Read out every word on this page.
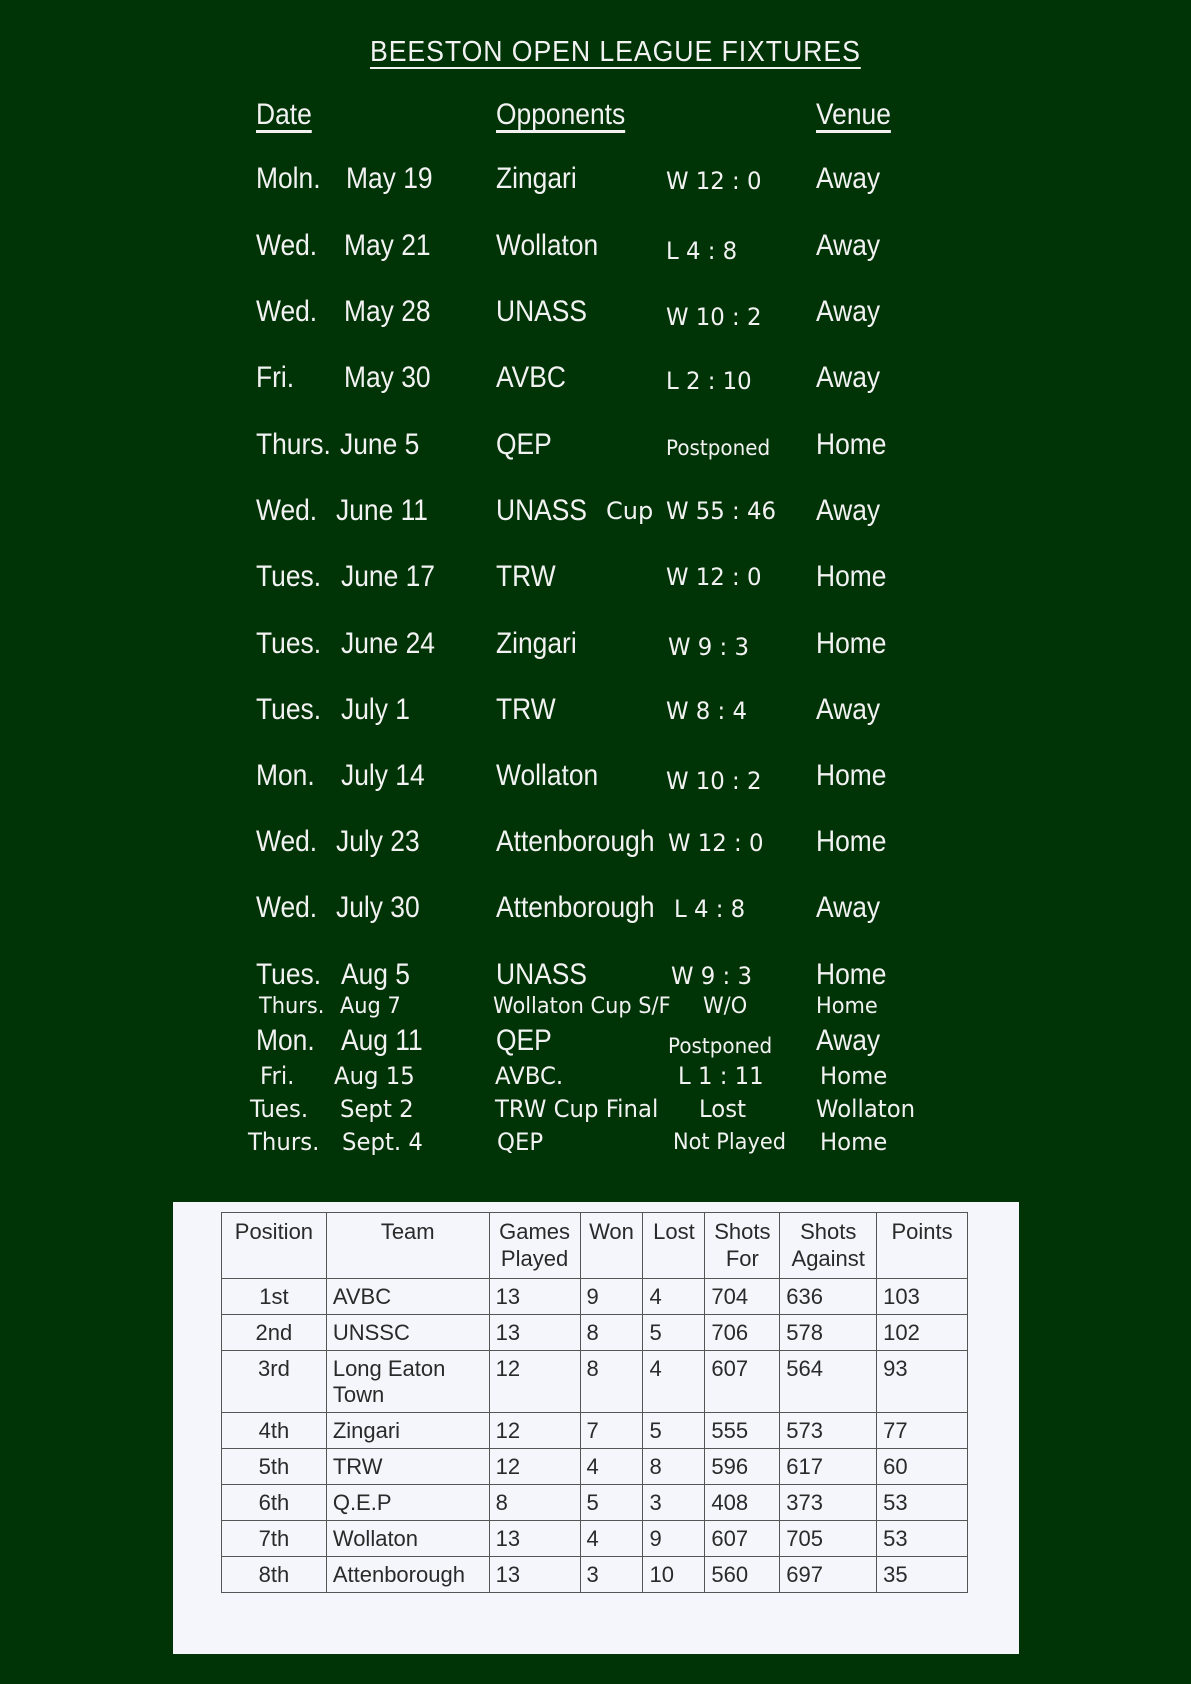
BEESTON OPEN LEAGUE FIXTURES
Date	Opponents	Venue
Moln. May 19 Zingari	W 12 : 0 Away
Wed. May 21 Wollaton	L 4 : 8	Away
Wed. May 28 UNASS	W 10 : 2 Away
Fri. May 30 AVBC	L 2 : 10 Away
Thurs. June 5	QEP	Postponed Home
Wed. June 11 UNASS Cup W 55 : 46 Away
Tues. June 17 TRW	W 12 : 0 Home
Tues. June 24 Zingari	W 9 : 3 Home
Tues. July 1	TRW	W 8 : 4 Away
Mon. July 14 Wollaton	W 10 : 2 Home
Wed. July 23	Attenborough W 12 : 0 Home
Wed. July 30	Attenborough L 4 : 8 Away
Tues. Aug 5	UNASS	W 9 : 3 Home
Thurs. Aug 7	Wollaton Cup S/F W/O	Home
Mon. Aug 11 QEP	Postponed Away
Fri. Aug 15	AVBC.	L 1 : 11 Home
Tues. Sept 2	TRW Cup Final Lost	Wollaton
Thurs. Sept. 4	QEP	Not Played Home
Position	Team	Games Played	Won	Lost	Shots For	Shots Against	Points
1st	AVBC	13	9	4	704	636	103
2nd	UNSSC	13	8	5	706	578	102
3rd	Long Eaton Town	12	8	4	607	564	93
4th	Zingari	12	7	5	555	573	77
5th	TRW	12	4	8	596	617	60
6th	Q.E.P	8	5	3	408	373	53
7th	Wollaton	13	4	9	607	705	53
8th	Attenborough	13	3	10	560	697	35
